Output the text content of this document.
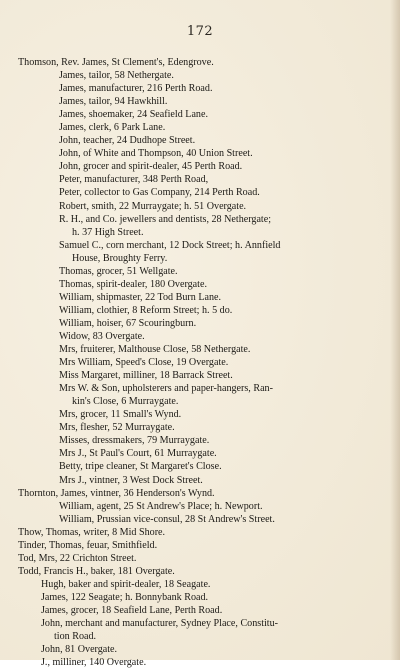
172
Thomson, Rev. James, St Clement's, Edengrove.
James, tailor, 58 Nethergate.
James, manufacturer, 216 Perth Road.
James, tailor, 94 Hawkhill.
James, shoemaker, 24 Seafield Lane.
James, clerk, 6 Park Lane.
John, teacher, 24 Dudhope Street.
John, of White and Thompson, 40 Union Street.
John, grocer and spirit-dealer, 45 Perth Road.
Peter, manufacturer, 348 Perth Road,
Peter, collector to Gas Company, 214 Perth Road.
Robert, smith, 22 Murraygate; h. 51 Overgate.
R. H., and Co. jewellers and dentists, 28 Nethergate;
h. 37 High Street.
Samuel C., corn merchant, 12 Dock Street; h. Annfield
House, Broughty Ferry.
Thomas, grocer, 51 Wellgate.
Thomas, spirit-dealer, 180 Overgate.
William, shipmaster, 22 Tod Burn Lane.
William, clothier, 8 Reform Street; h. 5 do.
William, hoiser, 67 Scouringburn.
Widow, 83 Overgate.
Mrs, fruiterer, Malthouse Close, 58 Nethergate.
Mrs William, Speed's Close, 19 Overgate.
Miss Margaret, milliner, 18 Barrack Street.
Mrs W. & Son, upholsterers and paper-hangers, Ran-
kin's Close, 6 Murraygate.
Mrs, grocer, 11 Small's Wynd.
Mrs, flesher, 52 Murraygate.
Misses, dressmakers, 79 Murraygate.
Mrs J., St Paul's Court, 61 Murraygate.
Betty, tripe cleaner, St Margaret's Close.
Mrs J., vintner, 3 West Dock Street.
Thornton, James, vintner, 36 Henderson's Wynd.
William, agent, 25 St Andrew's Place; h. Newport.
William, Prussian vice-consul, 28 St Andrew's Street.
Thow, Thomas, writer, 8 Mid Shore.
Tinder, Thomas, feuar, Smithfield.
Tod, Mrs, 22 Crichton Street.
Todd, Francis H., baker, 181 Overgate.
Hugh, baker and spirit-dealer, 18 Seagate.
James, 122 Seagate; h. Bonnybank Road.
James, grocer, 18 Seafield Lane, Perth Road.
John, merchant and manufacturer, Sydney Place, Constitu-
tion Road.
John, 81 Overgate.
J., milliner, 140 Overgate.
